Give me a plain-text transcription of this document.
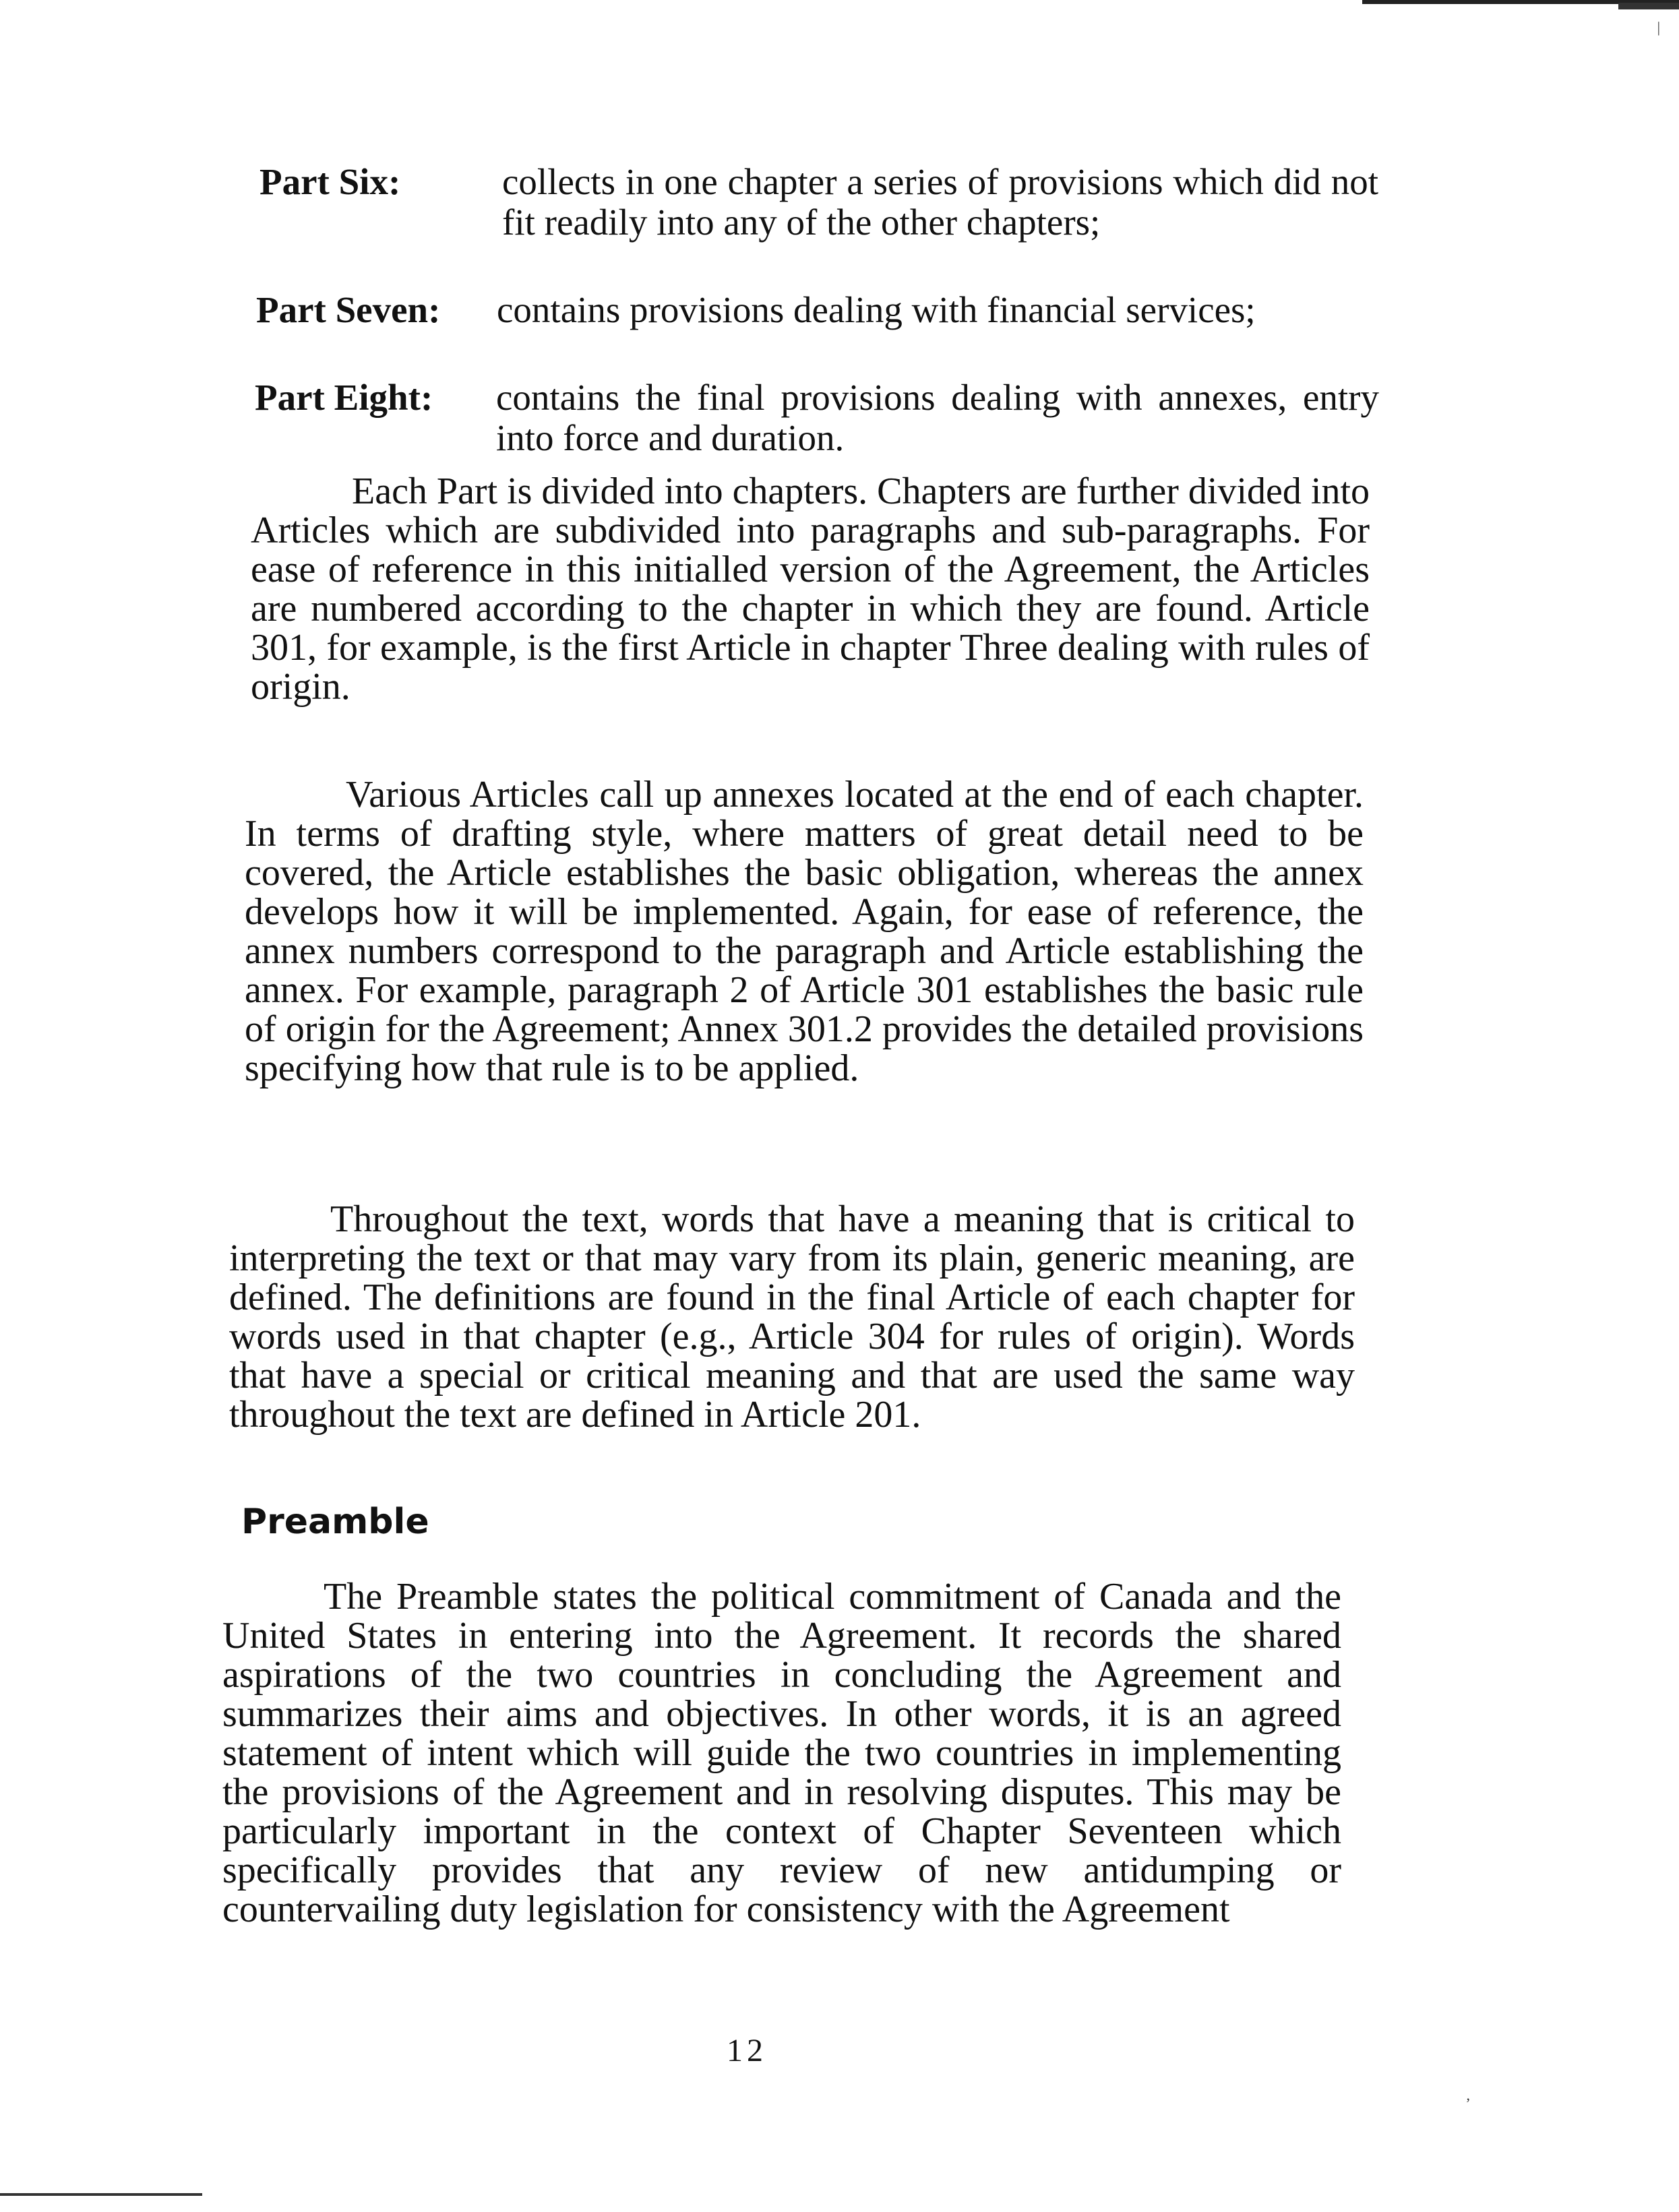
|
,
Part Six:	collects in one chapter a series of provisions which did not fit readily into any of the other chapters;
Part Seven: contains provisions dealing with financial services;
Part Eight: contains the final provisions dealing with annexes, entry into force and duration.

Each Part is divided into chapters. Chapters are further divided into Articles which are subdivided into paragraphs and sub-paragraphs. For ease of reference in this initialled version of the Agreement, the Articles are numbered according to the chapter in which they are found. Article 301, for example, is the first Article in chapter Three dealing with rules of origin.

Various Articles call up annexes located at the end of each chapter. In terms of drafting style, where matters of great detail need to be covered, the Article establishes the basic obligation, whereas the annex develops how it will be implemented. Again, for ease of reference, the annex numbers correspond to the paragraph and Article establishing the annex. For example, paragraph 2 of Article 301 establishes the basic rule of origin for the Agreement; Annex 301.2 provides the detailed provisions specifying how that rule is to be applied.

Throughout the text, words that have a meaning that is critical to interpreting the text or that may vary from its plain, generic meaning, are defined. The definitions are found in the final Article of each chapter for words used in that chapter (e.g., Article 304 for rules of origin). Words that have a special or critical meaning and that are used the same way throughout the text are defined in Article 201.

Preamble

The Preamble states the political commitment of Canada and the United States in entering into the Agreement. It records the shared aspirations of the two countries in concluding the Agreement and summarizes their aims and objectives. In other words, it is an agreed statement of intent which will guide the two countries in implementing the provisions of the Agreement and in resolving disputes. This may be particularly important in the context of Chapter Seventeen which specifically provides that any review of new antidumping or countervailing duty legislation for consistency with the Agreement

12
